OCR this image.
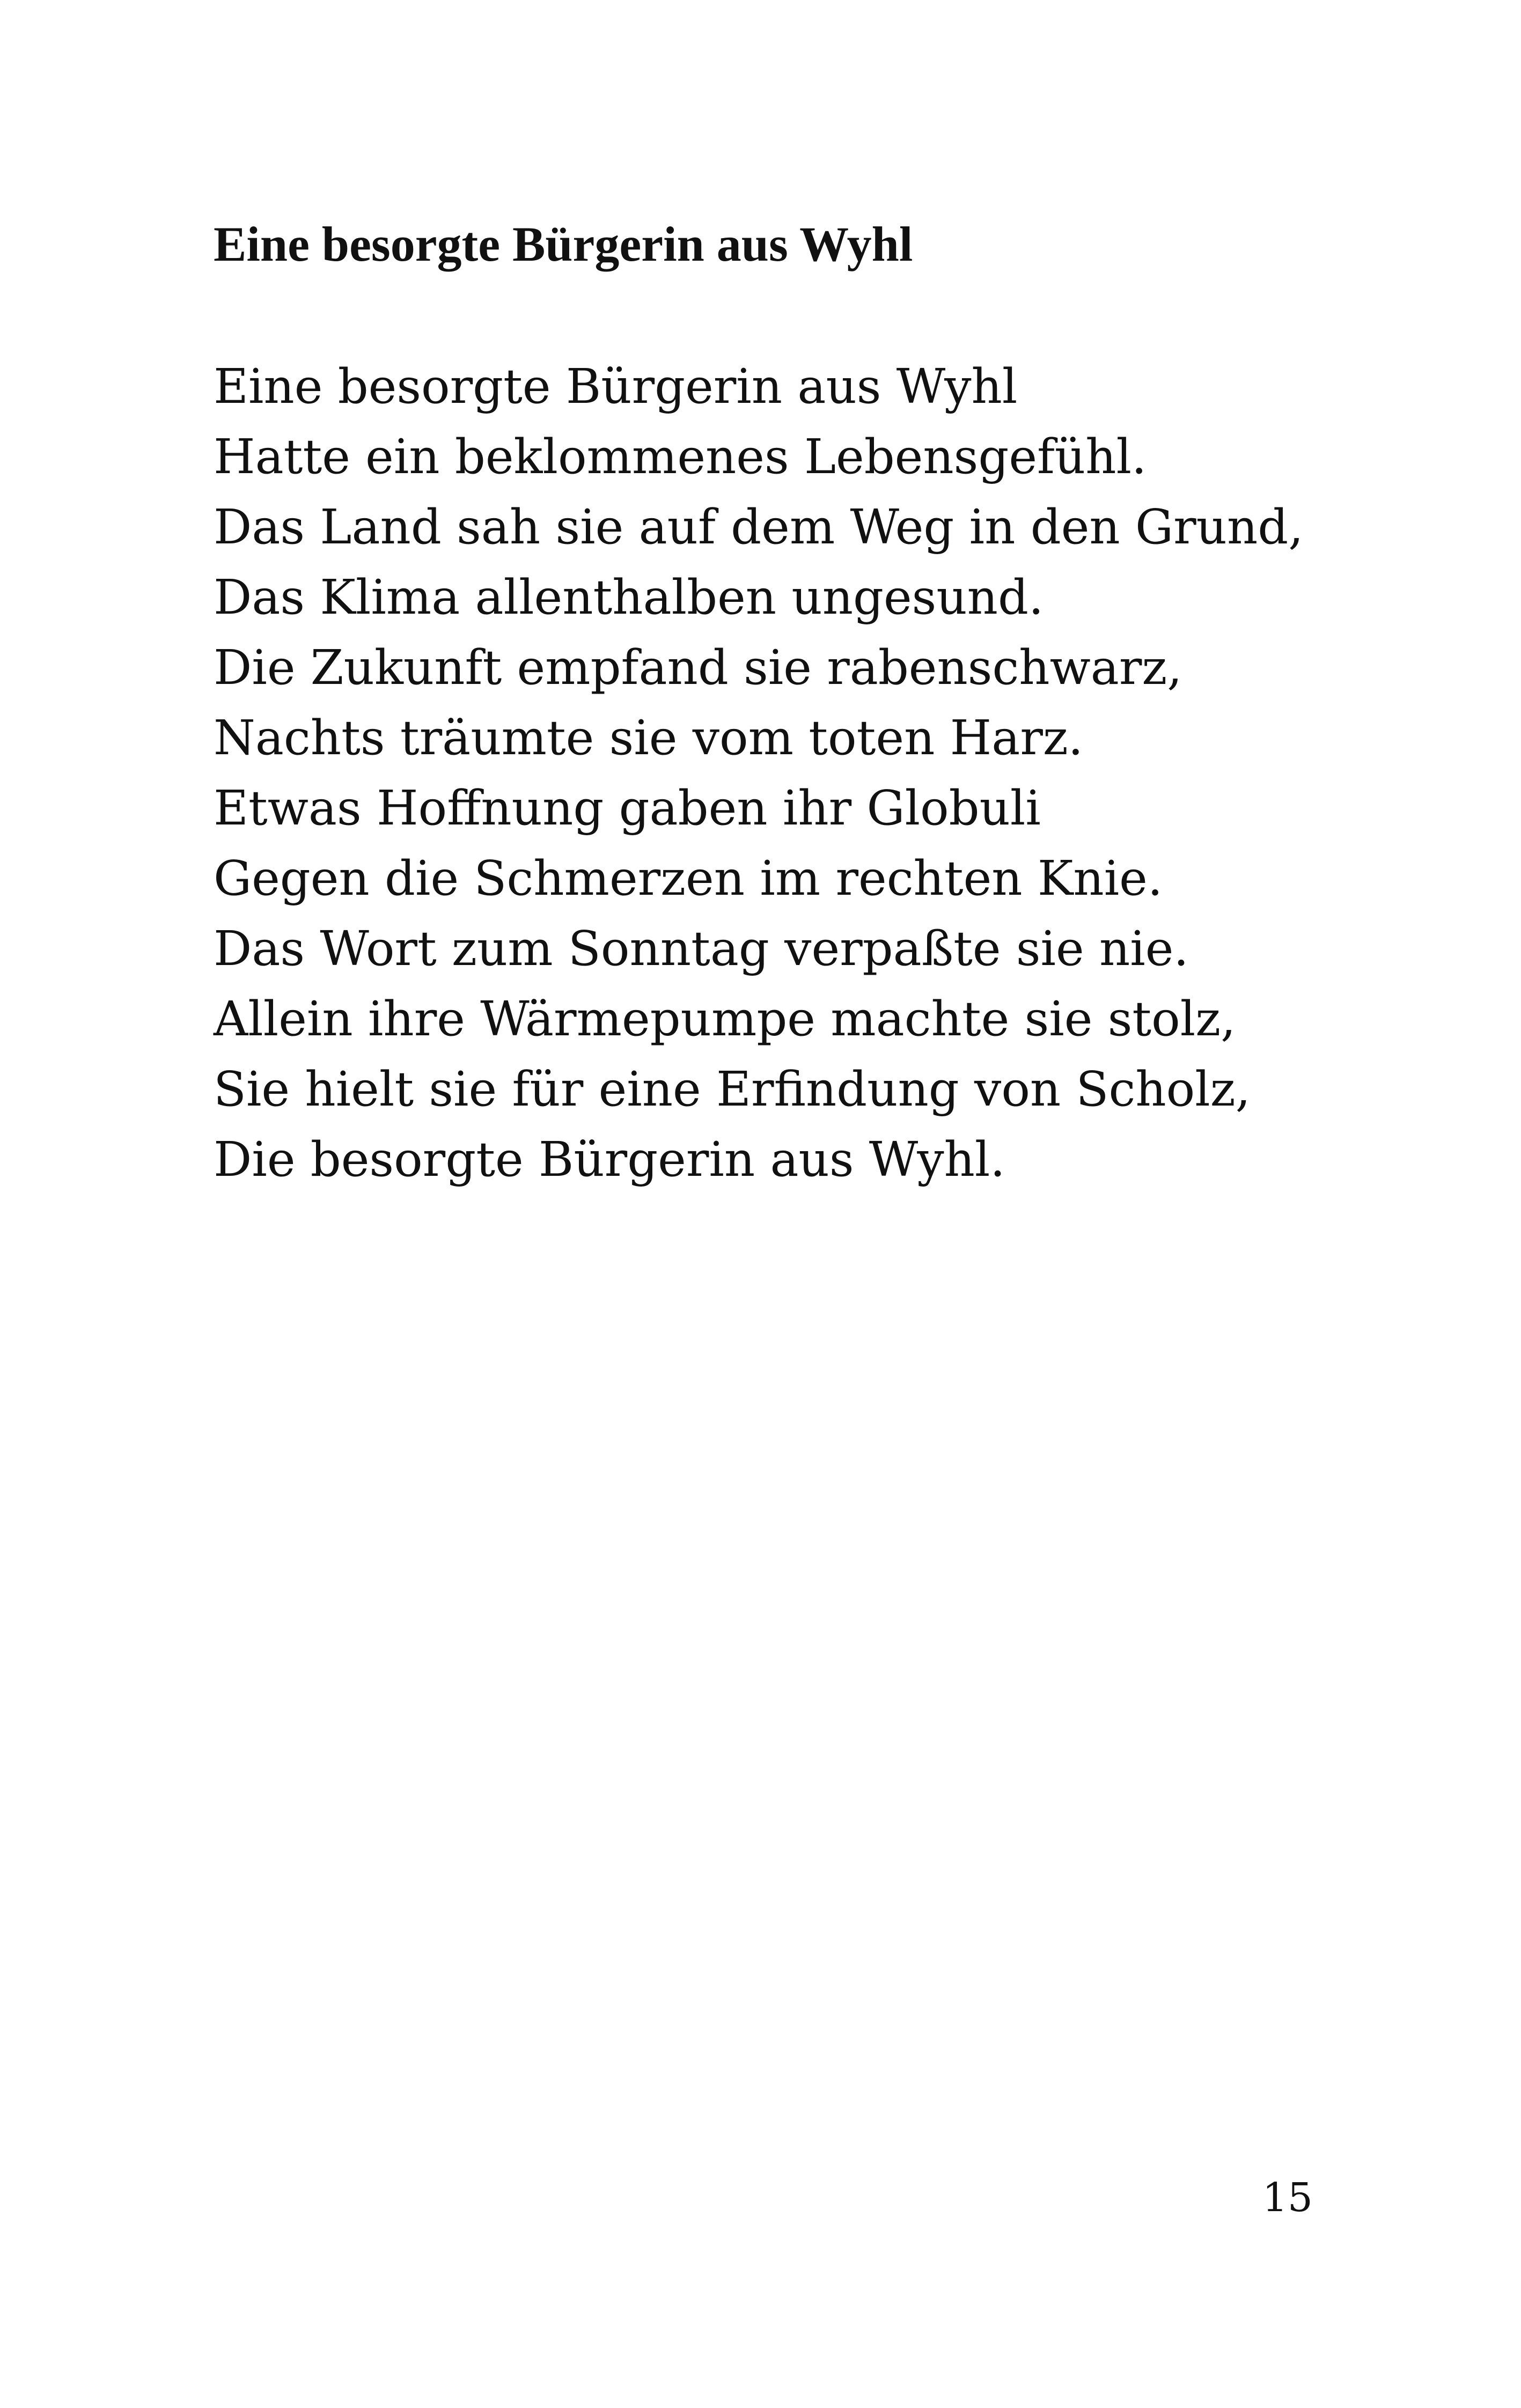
Eine besorgte Bürgerin aus Wyhl
Eine besorgte Bürgerin aus Wyhl
Hatte ein beklommenes Lebensgefühl.
Das Land sah sie auf dem Weg in den Grund,
Das Klima allenthalben ungesund.
Die Zukunft empfand sie rabenschwarz,
Nachts träumte sie vom toten Harz.
Etwas Hoffnung gaben ihr Globuli
Gegen die Schmerzen im rechten Knie.
Das Wort zum Sonntag verpaßte sie nie.
Allein ihre Wärmepumpe machte sie stolz,
Sie hielt sie für eine Erfindung von Scholz,
Die besorgte Bürgerin aus Wyhl.
15
